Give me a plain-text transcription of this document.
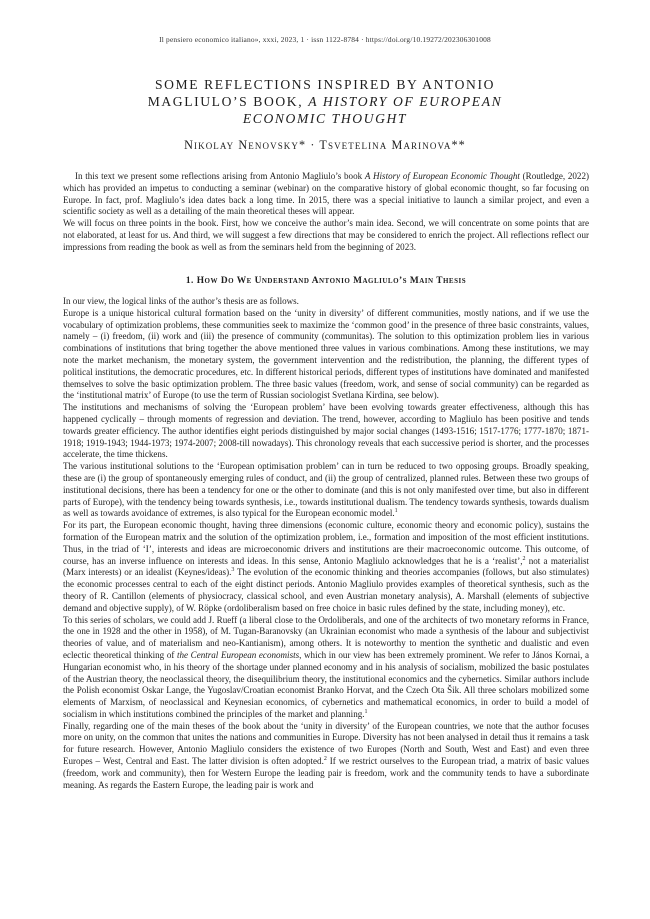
Il pensiero economico italiano», xxxi, 2023, 1 · issn 1122-8784 · https://doi.org/10.19272/202306301008
SOME REFLECTIONS INSPIRED BY ANTONIO
MAGLIULO’S BOOK, A HISTORY OF EUROPEAN
ECONOMIC THOUGHT
Nikolay Nenovsky* · Tsvetelina Marinova**

In this text we present some reflections arising from Antonio Magliulo’s book A History of European Economic Thought (Routledge, 2022) which has provided an impetus to conducting a seminar (webinar) on the comparative history of global economic thought, so far focusing on Europe. In fact, prof. Magliulo’s idea dates back a long time. In 2015, there was a special initiative to launch a similar project, and even a scientific society as well as a detailing of the main theoretical theses will appear.

We will focus on three points in the book. First, how we conceive the author’s main idea. Second, we will concentrate on some points that are not elaborated, at least for us. And third, we will suggest a few directions that may be considered to enrich the project. All reflections reflect our impressions from reading the book as well as from the seminars held from the beginning of 2023.

1. How Do We Understand Antonio Magliulo’s Main Thesis

In our view, the logical links of the author’s thesis are as follows.

Europe is a unique historical cultural formation based on the ‘unity in diversity’ of different communities, mostly nations, and if we use the vocabulary of optimization problems, these communities seek to maximize the ‘common good’ in the presence of three basic constraints, values, namely – (i) freedom, (ii) work and (iii) the presence of community (communitas). The solution to this optimization problem lies in various combinations of institutions that bring together the above mentioned three values in various combinations. Among these institutions, we may note the market mechanism, the monetary system, the government intervention and the redistribution, the planning, the different types of political institutions, the democratic procedures, etc. In different historical periods, different types of institutions have dominated and manifested themselves to solve the basic optimization problem. The three basic values (freedom, work, and sense of social community) can be regarded as the ‘institutional matrix’ of Europe (to use the term of Russian sociologist Svetlana Kirdina, see below).

The institutions and mechanisms of solving the ‘European problem’ have been evolving towards greater effectiveness, although this has happened cyclically – through moments of regression and deviation. The trend, however, according to Magliulo has been positive and tends towards greater efficiency. The author identifies eight periods distinguished by major social changes (1493-1516; 1517-1776; 1777-1870; 1871-1918; 1919-1943; 1944-1973; 1974-2007; 2008-till nowadays). This chronology reveals that each successive period is shorter, and the processes accelerate, the time thickens.

The various institutional solutions to the ‘European optimisation problem’ can in turn be reduced to two opposing groups. Broadly speaking, these are (i) the group of spontaneously emerging rules of conduct, and (ii) the group of centralized, planned rules. Between these two groups of institutional decisions, there has been a tendency for one or the other to dominate (and this is not only manifested over time, but also in different parts of Europe), with the tendency being towards synthesis, i.e., towards institutional dualism. The tendency towards synthesis, towards dualism as well as towards avoidance of extremes, is also typical for the European economic model.$^1$

For its part, the European economic thought, having three dimensions (economic culture, economic theory and economic policy), sustains the formation of the European matrix and the solution of the optimization problem, i.e., formation and imposition of the most efficient institutions. Thus, in the triad of ‘I’, interests and ideas are microeconomic drivers and institutions are their macroeconomic outcome. This outcome, of course, has an inverse influence on interests and ideas. In this sense, Antonio Magliulo acknowledges that he is a ‘realist’,$^2$ not a materialist (Marx interests) or an idealist (Keynes/ideas).$^3$ The evolution of the economic thinking and theories accompanies (follows, but also stimulates) the economic processes central to each of the eight distinct periods. Antonio Magliulo provides examples of theoretical synthesis, such as the theory of R. Cantillon (elements of physiocracy, classical school, and even Austrian monetary analysis), A. Marshall (elements of subjective demand and objective supply), of W. Röpke (ordoliberalism based on free choice in basic rules defined by the state, including money), etc.

To this series of scholars, we could add J. Rueff (a liberal close to the Ordoliberals, and one of the architects of two monetary reforms in France, the one in 1928 and the other in 1958), of M. Tugan-Baranovsky (an Ukrainian economist who made a synthesis of the labour and subjectivist theories of value, and of materialism and neo-Kantianism), among others. It is noteworthy to mention the synthetic and dualistic and even eclectic theoretical thinking of the Central European economists, which in our view has been extremely prominent. We refer to János Kornai, a Hungarian economist who, in his theory of the shortage under planned economy and in his analysis of socialism, mobilized the basic postulates of the Austrian theory, the neoclassical theory, the disequilibrium theory, the institutional economics and the cybernetics. Similar authors include the Polish economist Oskar Lange, the Yugoslav/Croatian economist Branko Horvat, and the Czech Ota Šik. All three scholars mobilized some elements of Marxism, of neoclassical and Keynesian economics, of cybernetics and mathematical economics, in order to build a model of socialism in which institutions combined the principles of the market and planning.$^1$

Finally, regarding one of the main theses of the book about the ‘unity in diversity’ of the European countries, we note that the author focuses more on unity, on the common that unites the nations and communities in Europe. Diversity has not been analysed in detail thus it remains a task for future research. However, Antonio Magliulo considers the existence of two Europes (North and South, West and East) and even three Europes – West, Central and East. The latter division is often adopted.$^2$ If we restrict ourselves to the European triad, a matrix of basic values (freedom, work and community), then for Western Europe the leading pair is freedom, work and the community tends to have a subordinate meaning. As regards the Eastern Europe, the leading pair is work and
